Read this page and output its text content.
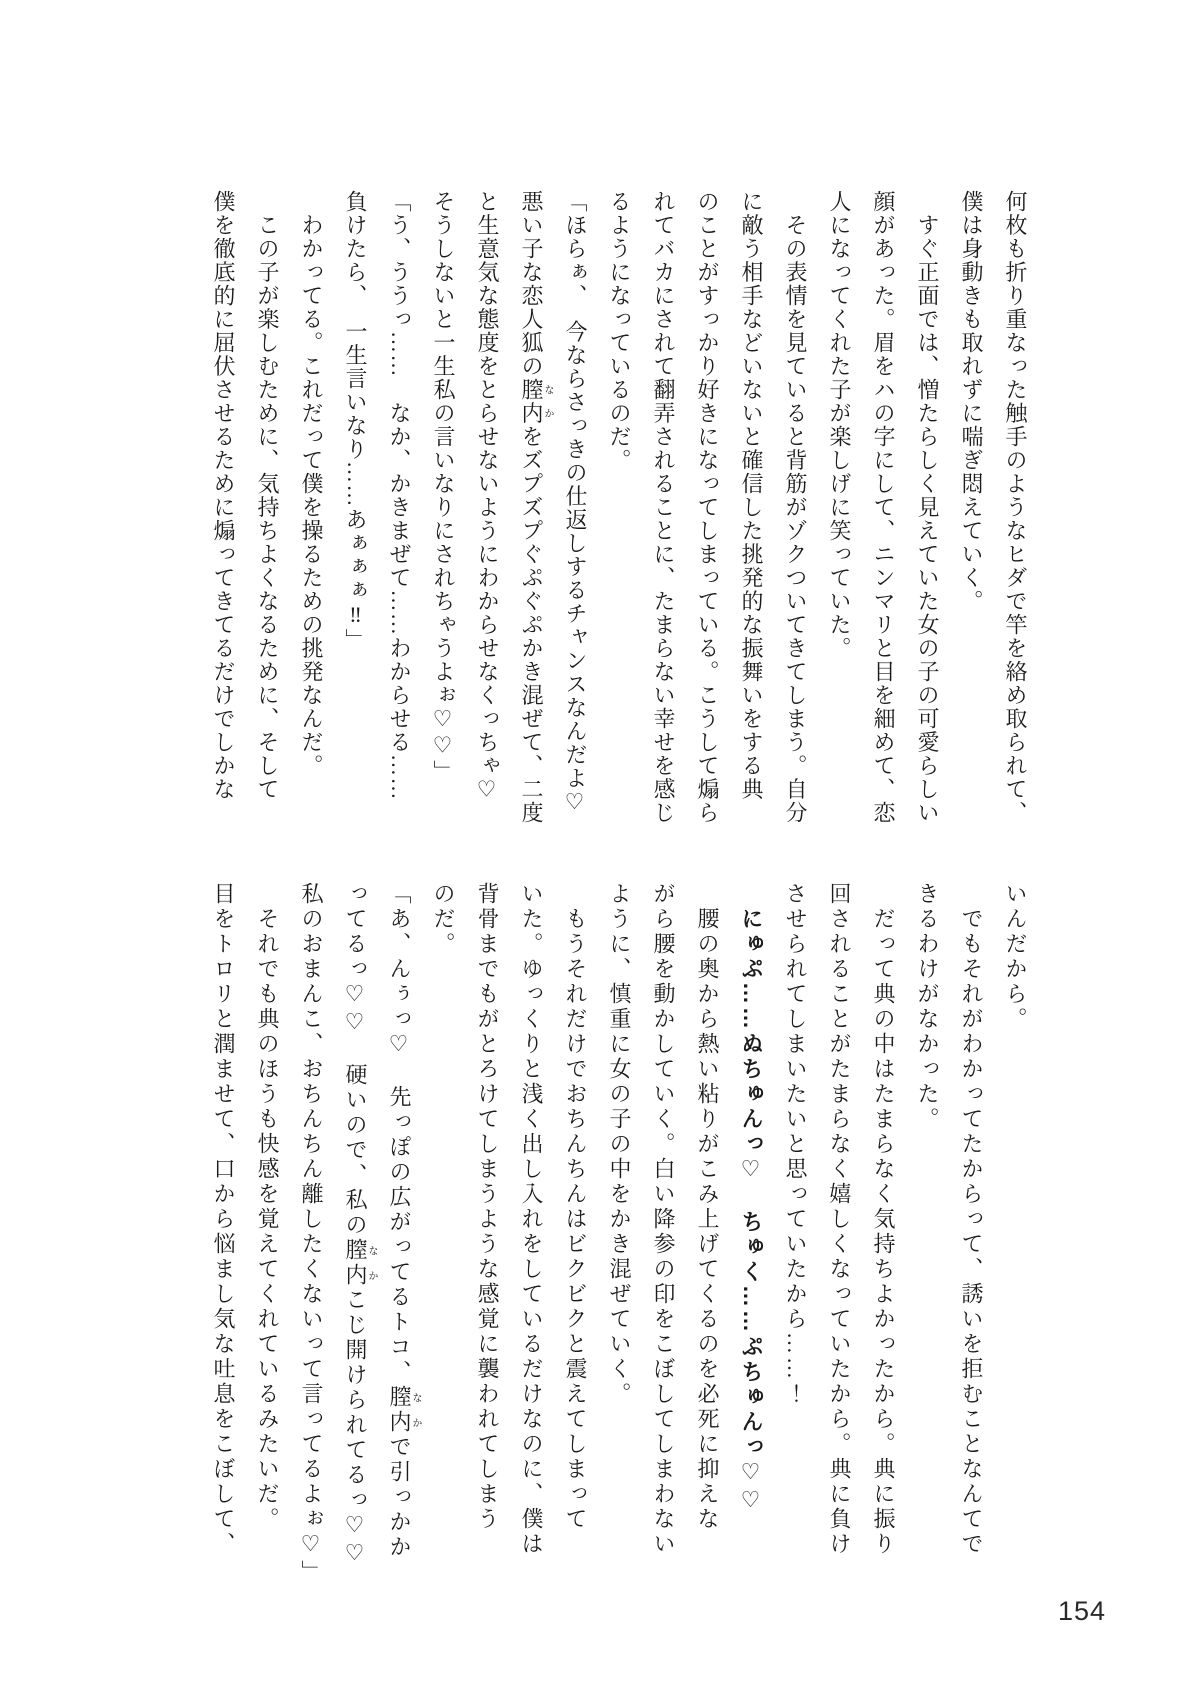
何枚も折り重なった触手のようなヒダで竿を絡め取られて、
僕は身動きも取れずに喘ぎ悶えていく。
　すぐ正面では、憎たらしく見えていた女の子の可愛らしい
顔があった。眉をハの字にして、ニンマリと目を細めて、恋
人になってくれた子が楽しげに笑っていた。
　その表情を見ていると背筋がゾクついてきてしまう。自分
に敵う相手などいないと確信した挑発的な振舞いをする典
のことがすっかり好きになってしまっている。こうして煽ら
れてバカにされて翻弄されることに、たまらない幸せを感じ
るようになっているのだ。
「ほらぁ、　今ならさっきの仕返しするチャンスなんだよ♡
悪い子な恋人狐の膣内なかをズプズプぐぷぐぷかき混ぜて、二度
と生意気な態度をとらせないようにわからせなくっちゃ♡
そうしないと一生私の言いなりにされちゃうよぉ♡♡」
「う、ううっ……　なか、かきまぜて……わからせる……
負けたら、　一生言いなり……あぁぁぁ‼」
　わかってる。これだって僕を操るための挑発なんだ。
　この子が楽しむために、気持ちよくなるために、そして
僕を徹底的に屈伏させるために煽ってきてるだけでしかな
いんだから。
　でもそれがわかってたからって、誘いを拒むことなんてで
きるわけがなかった。
　だって典の中はたまらなく気持ちよかったから。典に振り
回されることがたまらなく嬉しくなっていたから。典に負け
させられてしまいたいと思っていたから……！
　にゅぷ……ぬちゅんっ♡　ちゅく……ぷちゅんっ♡♡
　腰の奥から熱い粘りがこみ上げてくるのを必死に抑えな
がら腰を動かしていく。白い降参の印をこぼしてしまわない
ように、慎重に女の子の中をかき混ぜていく。
　もうそれだけでおちんちんはビクビクと震えてしまって
いた。ゆっくりと浅く出し入れをしているだけなのに、僕は
背骨までもがとろけてしまうような感覚に襲われてしまう
のだ。
「あ、んぅっ♡　先っぽの広がってるトコ、膣内なかで引っかか
ってるっ♡♡　硬いので、私の膣内なかこじ開けられてるっ♡♡
私のおまんこ、おちんちん離したくないって言ってるよぉ♡」
　それでも典のほうも快感を覚えてくれているみたいだ。
目をトロリと潤ませて、口から悩まし気な吐息をこぼして、
154
